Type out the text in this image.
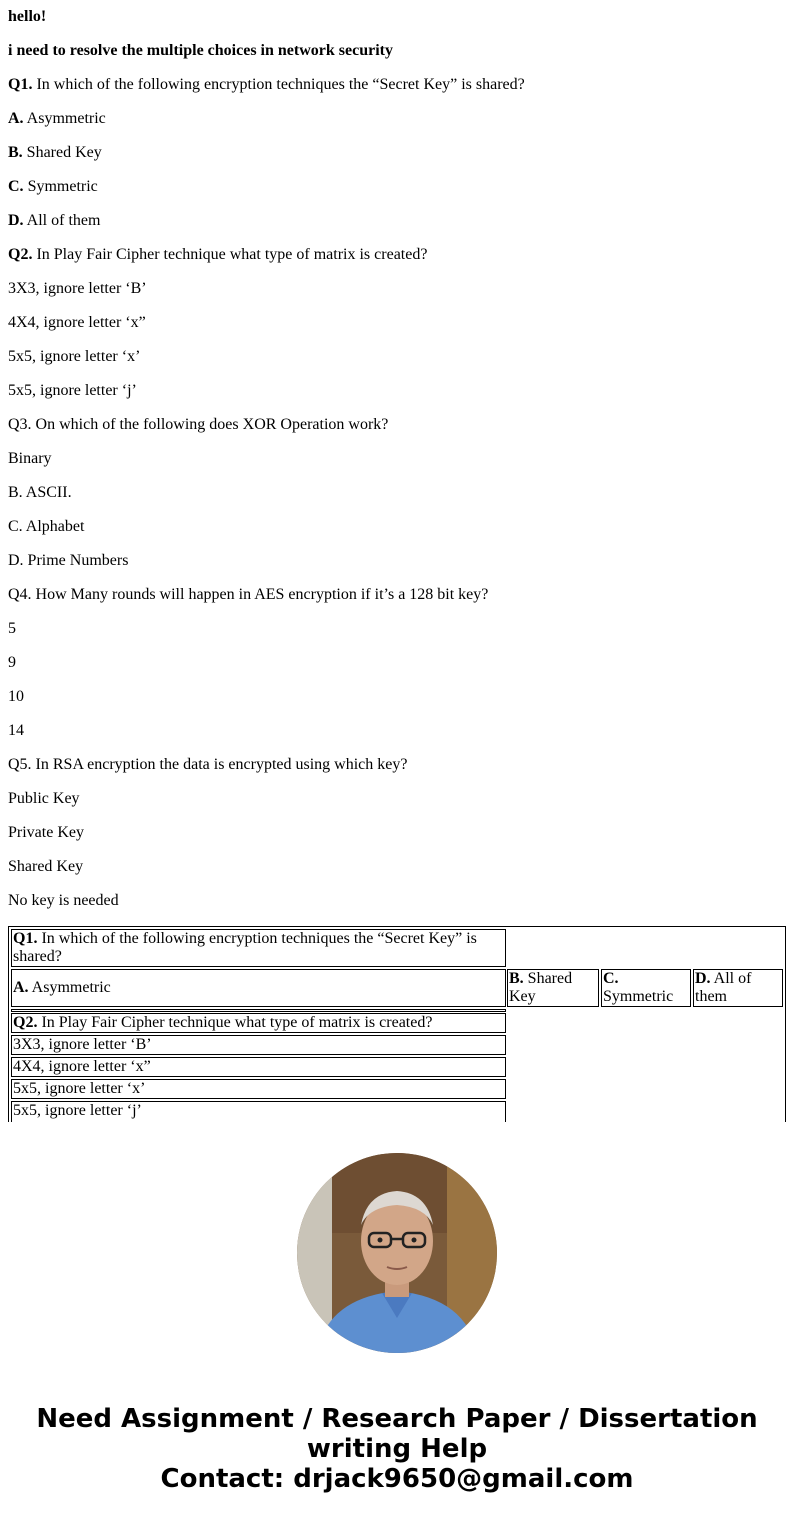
hello!
i need to resolve the multiple choices in network security
Q1. In which of the following encryption techniques the “Secret Key” is shared?
A. Asymmetric
B. Shared Key
C. Symmetric
D. All of them
Q2. In Play Fair Cipher technique what type of matrix is created?
3X3, ignore letter ‘B’
4X4, ignore letter ‘x”
5x5, ignore letter ‘x’
5x5, ignore letter ‘j’
Q3. On which of the following does XOR Operation work?
Binary
B. ASCII.
C. Alphabet
D. Prime Numbers
Q4. How Many rounds will happen in AES encryption if it’s a 128 bit key?
5
9
10
14
Q5. In RSA encryption the data is encrypted using which key?
Public Key
Private Key
Shared Key
No key is needed
Q1. In which of the following encryption techniques the “Secret Key” is shared?
A. Asymmetric
B. Shared Key
C. Symmetric
D. All of them
Q2. In Play Fair Cipher technique what type of matrix is created?
3X3, ignore letter ‘B’
4X4, ignore letter ‘x”
5x5, ignore letter ‘x’
5x5, ignore letter ‘j’
Need Assignment / Research Paper / Dissertation
writing Help
Contact: drjack9650@gmail.com
